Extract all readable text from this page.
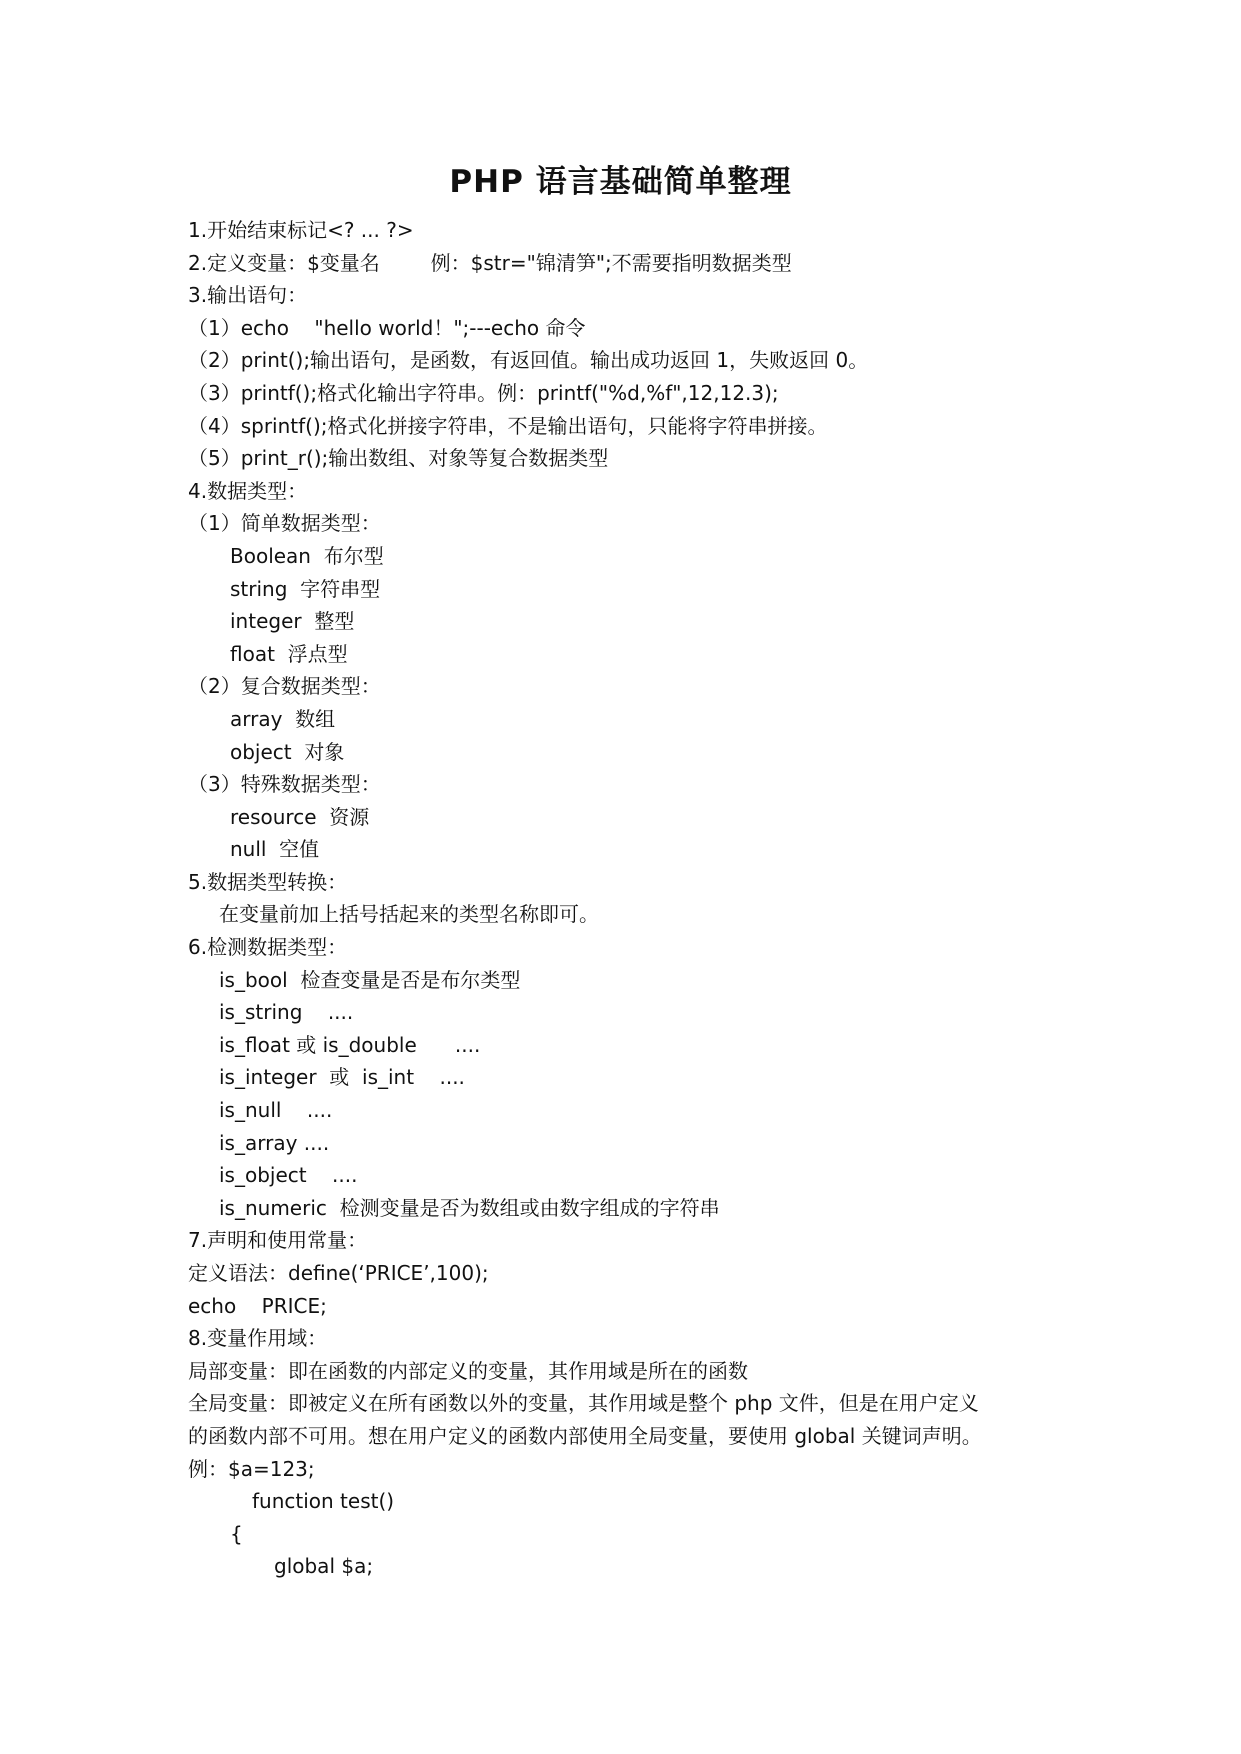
PHP 语言基础简单整理
1.开始结束标记<? ... ?>
2.定义变量：$变量名        例：$str="锦清笋";不需要指明数据类型
3.输出语句：
（1）echo    "hello world！";---echo 命令
（2）print();输出语句，是函数，有返回值。输出成功返回 1，失败返回 0。
（3）printf();格式化输出字符串。例：printf("%d,%f",12,12.3);
（4）sprintf();格式化拼接字符串，不是输出语句，只能将字符串拼接。
（5）print_r();输出数组、对象等复合数据类型
4.数据类型：
（1）简单数据类型：
Boolean  布尔型
string  字符串型
integer  整型
float  浮点型
（2）复合数据类型：
array  数组
object  对象
（3）特殊数据类型：
resource  资源
null  空值
5.数据类型转换：
在变量前加上括号括起来的类型名称即可。
6.检测数据类型：
is_bool  检查变量是否是布尔类型
is_string    ....
is_float 或 is_double      ....
is_integer  或  is_int    ....
is_null    ....
is_array ....
is_object    ....
is_numeric  检测变量是否为数组或由数字组成的字符串
7.声明和使用常量：
定义语法：define(‘PRICE’,100);
echo    PRICE;
8.变量作用域：
局部变量：即在函数的内部定义的变量，其作用域是所在的函数
全局变量：即被定义在所有函数以外的变量，其作用域是整个 php 文件，但是在用户定义
的函数内部不可用。想在用户定义的函数内部使用全局变量，要使用 global 关键词声明。
例：$a=123;
function test()
{
global $a;
